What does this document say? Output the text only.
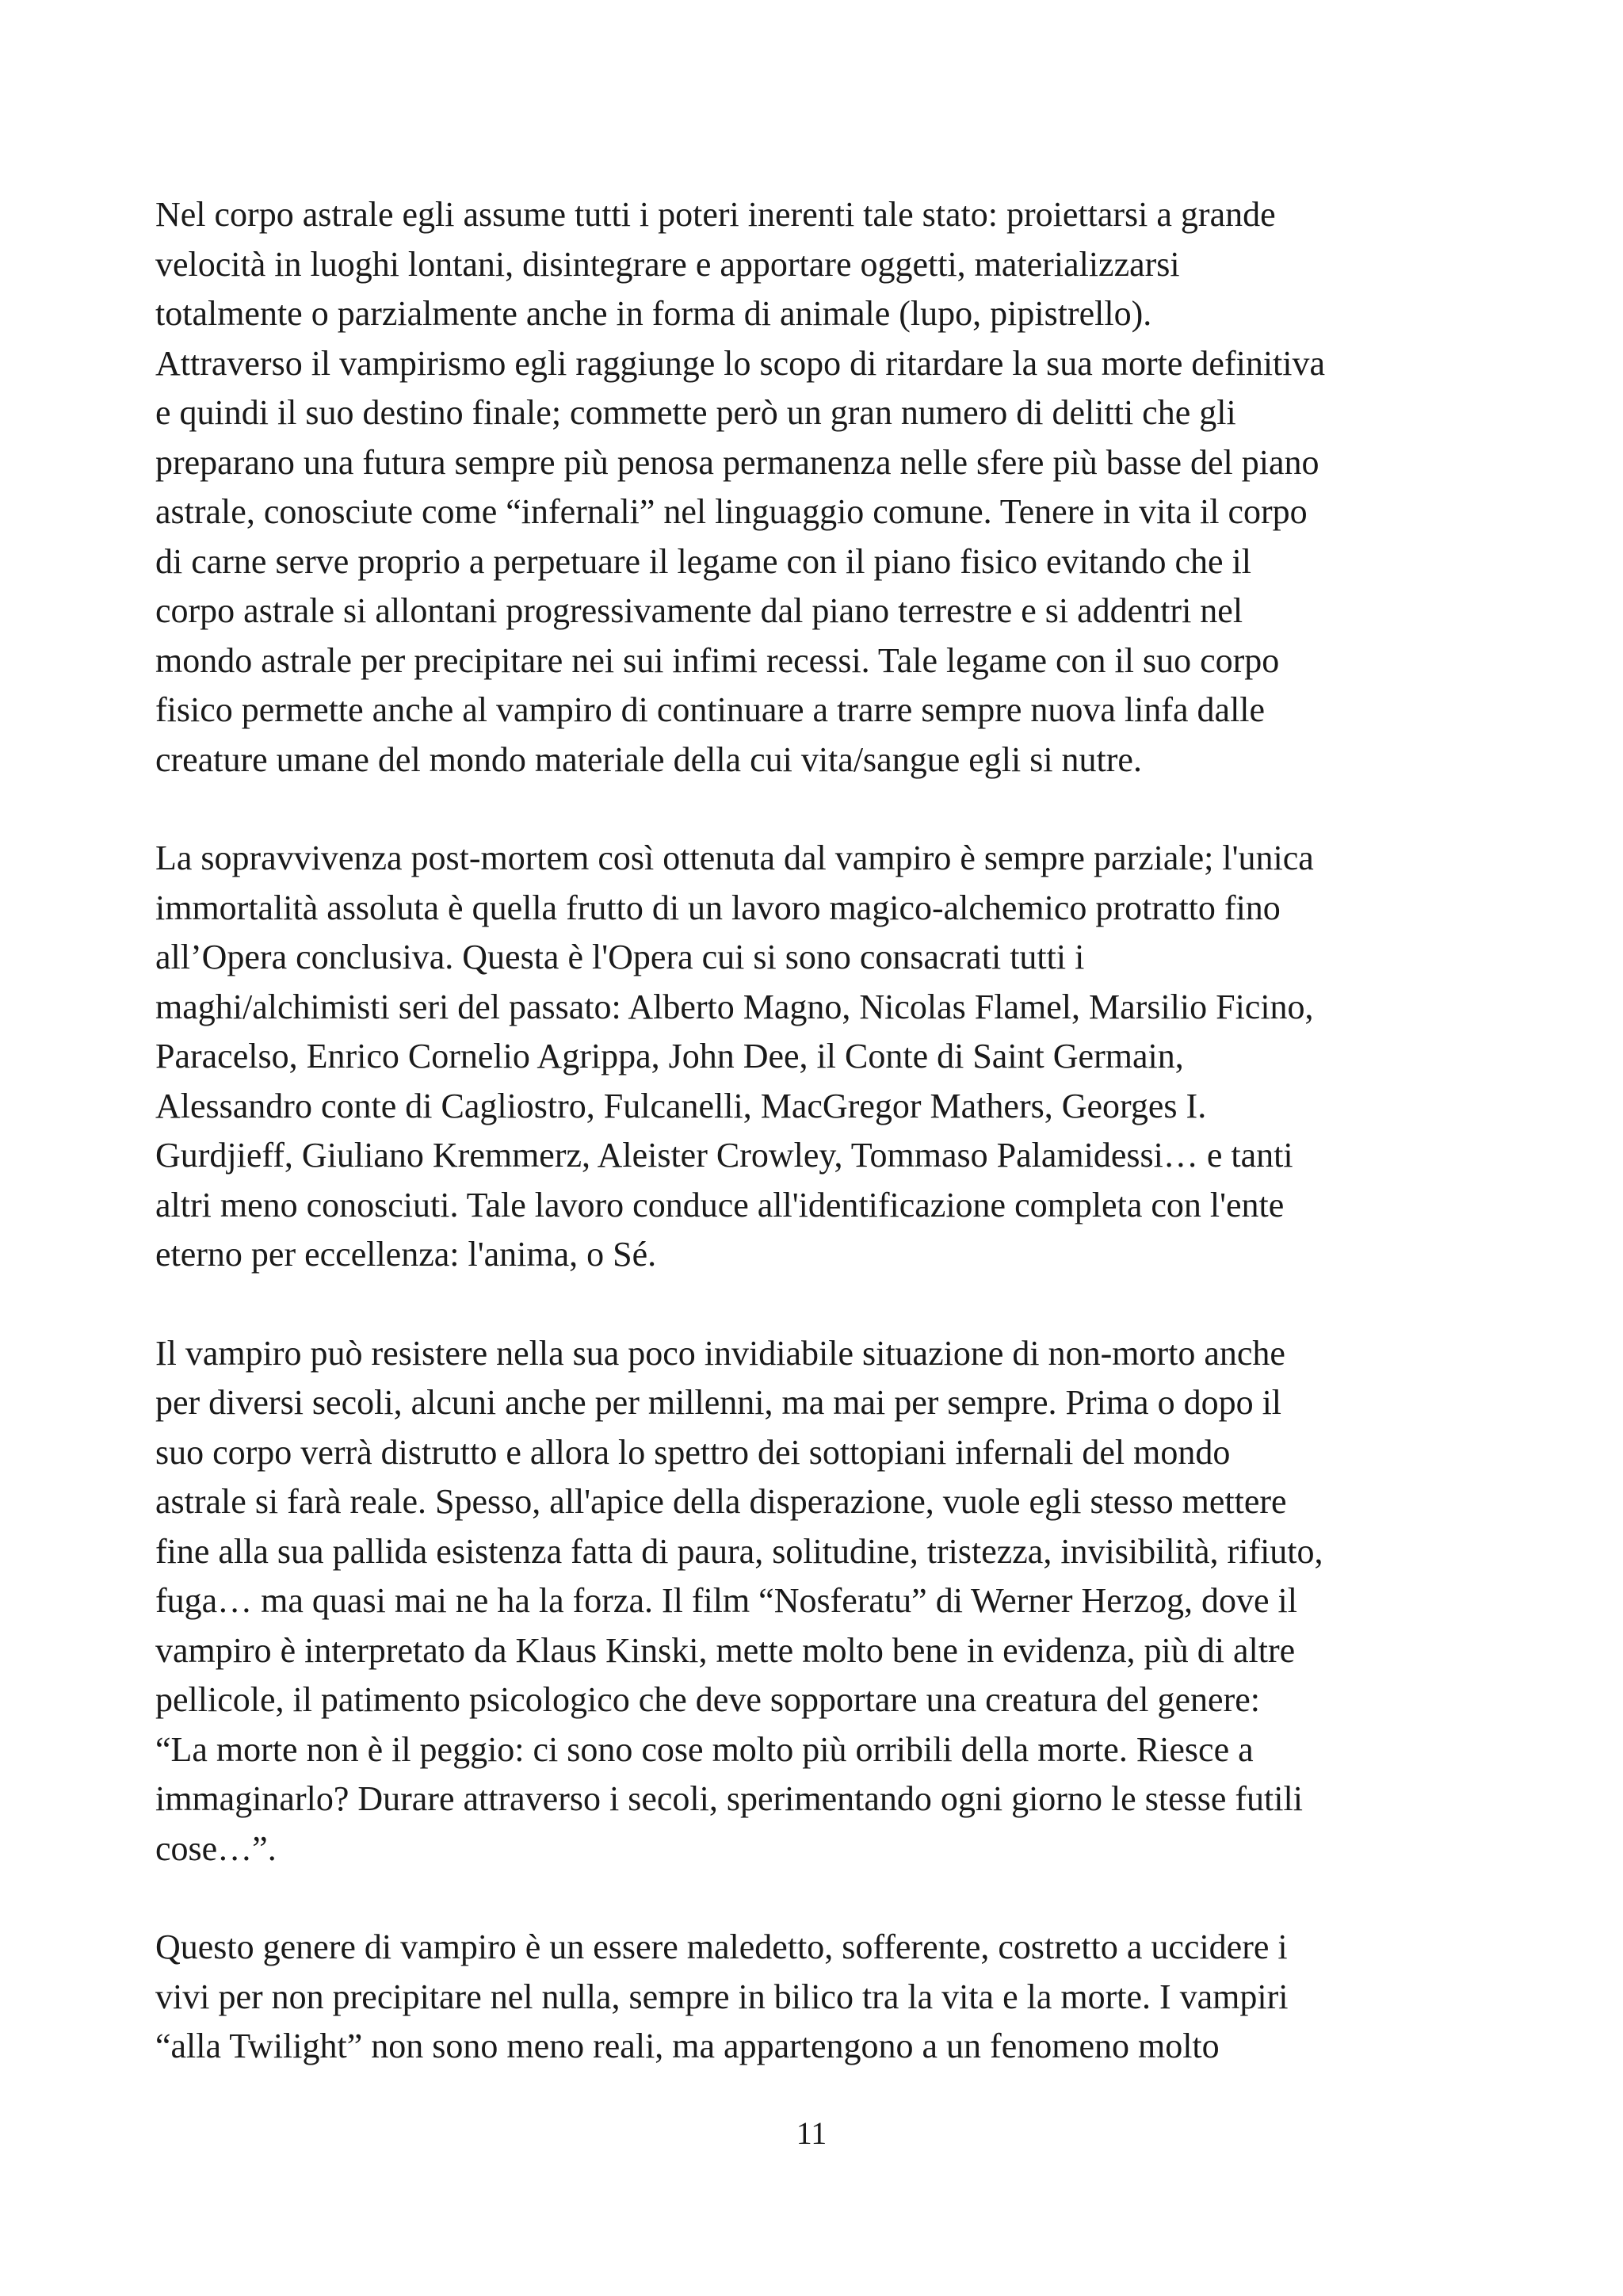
Nel corpo astrale egli assume tutti i poteri inerenti tale stato: proiettarsi a grande
velocità in luoghi lontani, disintegrare e apportare oggetti, materializzarsi
totalmente o parzialmente anche in forma di animale (lupo, pipistrello).
Attraverso il vampirismo egli raggiunge lo scopo di ritardare la sua morte definitiva
e quindi il suo destino finale; commette però un gran numero di delitti che gli
preparano una futura sempre più penosa permanenza nelle sfere più basse del piano
astrale, conosciute come “infernali” nel linguaggio comune. Tenere in vita il corpo
di carne serve proprio a perpetuare il legame con il piano fisico evitando che il
corpo astrale si allontani progressivamente dal piano terrestre e si addentri nel
mondo astrale per precipitare nei sui infimi recessi. Tale legame con il suo corpo
fisico permette anche al vampiro di continuare a trarre sempre nuova linfa dalle
creature umane del mondo materiale della cui vita/sangue egli si nutre.

La sopravvivenza post-mortem così ottenuta dal vampiro è sempre parziale; l'unica
immortalità assoluta è quella frutto di un lavoro magico-alchemico protratto fino
all’Opera conclusiva. Questa è l'Opera cui si sono consacrati tutti i
maghi/alchimisti seri del passato: Alberto Magno, Nicolas Flamel, Marsilio Ficino,
Paracelso, Enrico Cornelio Agrippa, John Dee, il Conte di Saint Germain,
Alessandro conte di Cagliostro, Fulcanelli, MacGregor Mathers, Georges I.
Gurdjieff, Giuliano Kremmerz, Aleister Crowley, Tommaso Palamidessi… e tanti
altri meno conosciuti. Tale lavoro conduce all'identificazione completa con l'ente
eterno per eccellenza: l'anima, o Sé.

Il vampiro può resistere nella sua poco invidiabile situazione di non-morto anche
per diversi secoli, alcuni anche per millenni, ma mai per sempre. Prima o dopo il
suo corpo verrà distrutto e allora lo spettro dei sottopiani infernali del mondo
astrale si farà reale. Spesso, all'apice della disperazione, vuole egli stesso mettere
fine alla sua pallida esistenza fatta di paura, solitudine, tristezza, invisibilità, rifiuto,
fuga… ma quasi mai ne ha la forza. Il film “Nosferatu” di Werner Herzog, dove il
vampiro è interpretato da Klaus Kinski, mette molto bene in evidenza, più di altre
pellicole, il patimento psicologico che deve sopportare una creatura del genere:
“La morte non è il peggio: ci sono cose molto più orribili della morte. Riesce a
immaginarlo? Durare attraverso i secoli, sperimentando ogni giorno le stesse futili
cose…”.

Questo genere di vampiro è un essere maledetto, sofferente, costretto a uccidere i
vivi per non precipitare nel nulla, sempre in bilico tra la vita e la morte. I vampiri
“alla Twilight” non sono meno reali, ma appartengono a un fenomeno molto

11
